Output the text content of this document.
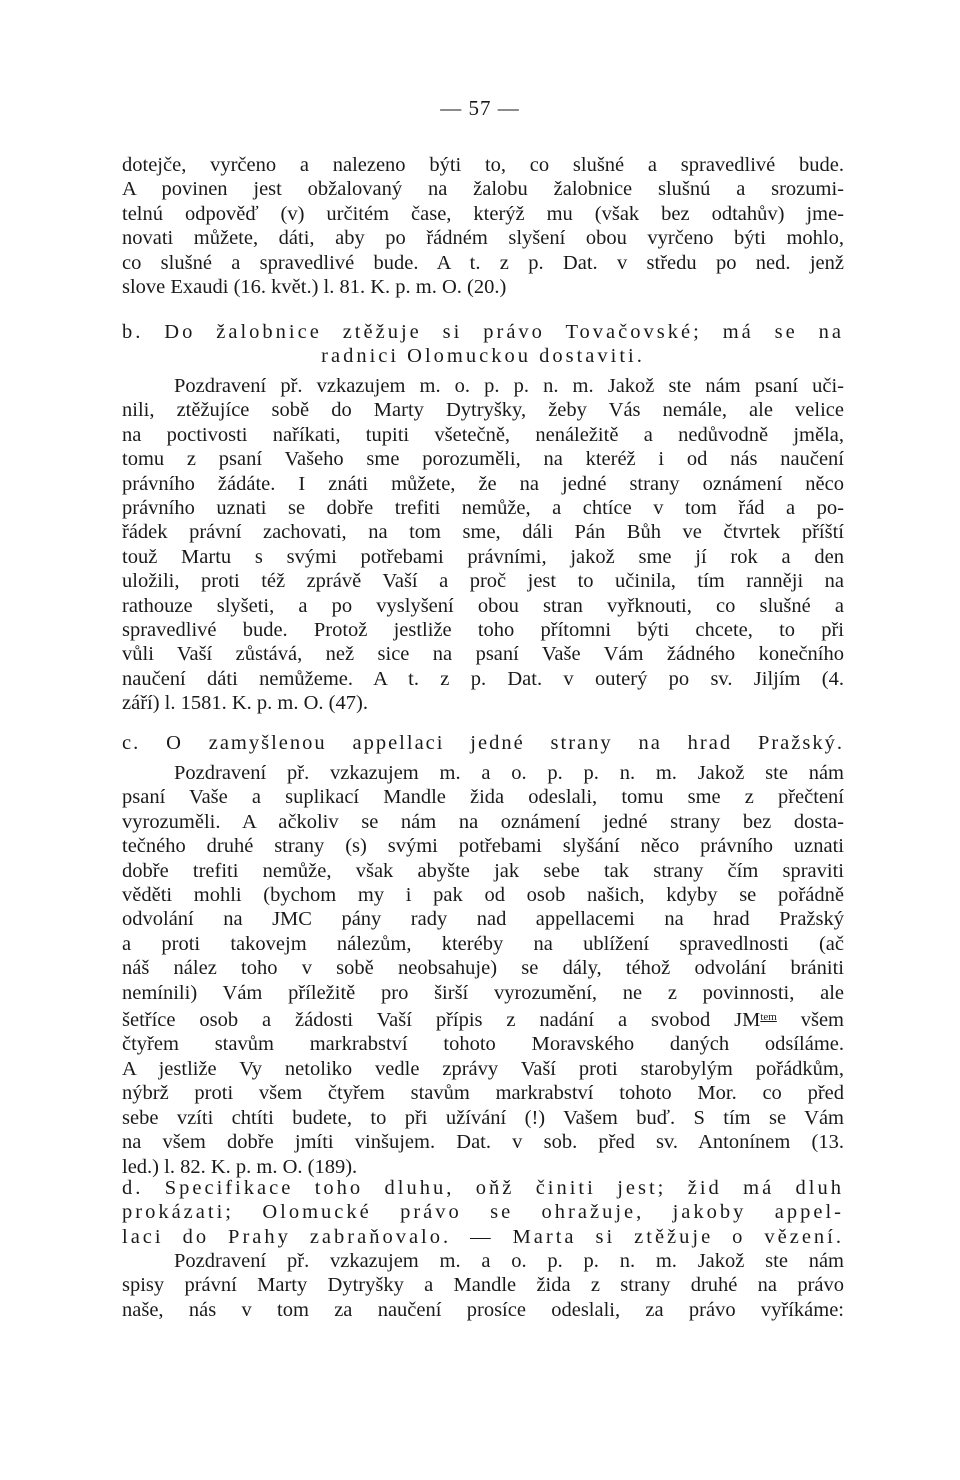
— 57 —
dotejče, vyrčeno a nalezeno býti to, co slušné a spravedlivé bude.
A povinen jest obžalovaný na žalobu žalobnice slušnú a srozumi-
telnú odpověď (v) určitém čase, kterýž mu (však bez odtahův) jme-
novati můžete, dáti, aby po řádném slyšení obou vyrčeno býti mohlo,
co slušné a spravedlivé bude. A t. z p. Dat. v středu po ned. jenž
slove Exaudi (16. květ.) l. 81. K. p. m. O. (20.)
b. Do žalobnice ztěžuje si právo Tovačovské; má se na
radnici Olomuckou dostaviti.
Pozdravení př. vzkazujem m. o. p. p. n. m. Jakož ste nám psaní uči-
nili, ztěžujíce sobě do Marty Dytryšky, žeby Vás nemále, ale velice
na poctivosti naříkati, tupiti všetečně, nenáležitě a nedůvodně jměla,
tomu z psaní Vašeho sme porozuměli, na kteréž i od nás naučení
právního žádáte. I znáti můžete, že na jedné strany oznámení něco
právního uznati se dobře trefiti nemůže, a chtíce v tom řád a po-
řádek právní zachovati, na tom sme, dáli Pán Bůh ve čtvrtek příští
touž Martu s svými potřebami právními, jakož sme jí rok a den
uložili, proti též zprávě Vaší a proč jest to učinila, tím ranněji na
rathouze slyšeti, a po vyslyšení obou stran vyřknouti, co slušné a
spravedlivé bude. Protož jestliže toho přítomni býti chcete, to při
vůli Vaší zůstává, než sice na psaní Vaše Vám žádného konečního
naučení dáti nemůžeme. A t. z p. Dat. v outerý po sv. Jiljím (4.
září) l. 1581. K. p. m. O. (47).
c. O zamyšlenou appellaci jedné strany na hrad Pražský.
Pozdravení př. vzkazujem m. a o. p. p. n. m. Jakož ste nám
psaní Vaše a suplikací Mandle žida odeslali, tomu sme z přečtení
vyrozuměli. A ačkoliv se nám na oznámení jedné strany bez dosta-
tečného druhé strany (s) svými potřebami slyšání něco právního uznati
dobře trefiti nemůže, však abyšte jak sebe tak strany čím spraviti
věděti mohli (bychom my i pak od osob našich, kdyby se pořádně
odvolání na JMC pány rady nad appellacemi na hrad Pražský
a proti takovejm nálezům, kteréby na ublížení spravedlnosti (ač
náš nález toho v sobě neobsahuje) se dály, téhož odvolání brániti
nemínili) Vám příležitě pro širší vyrozumění, ne z povinnosti, ale
šetříce osob a žádosti Vaší přípis z nadání a svobod $JM^{tem}$ všem
čtyřem stavům markrabství tohoto Moravského daných odsíláme.
A jestliže Vy netoliko vedle zprávy Vaší proti starobylým pořádkům,
nýbrž proti všem čtyřem stavům markrabství tohoto Mor. co před
sebe vzíti chtíti budete, to při užívání (!) Vašem buď. S tím se Vám
na všem dobře jmíti vinšujem. Dat. v sob. před sv. Antonínem (13.
led.) l. 82. K. p. m. O. (189).
d. Specifikace toho dluhu, oňž činiti jest; žid má dluh
prokázati; Olomucké právo se ohražuje, jakoby appel-
laci do Prahy zabraňovalo. — Marta si ztěžuje o vězení.
Pozdravení př. vzkazujem m. a o. p. p. n. m. Jakož ste nám
spisy právní Marty Dytryšky a Mandle žida z strany druhé na právo
naše, nás v tom za naučení prosíce odeslali, za právo vyříkáme:
